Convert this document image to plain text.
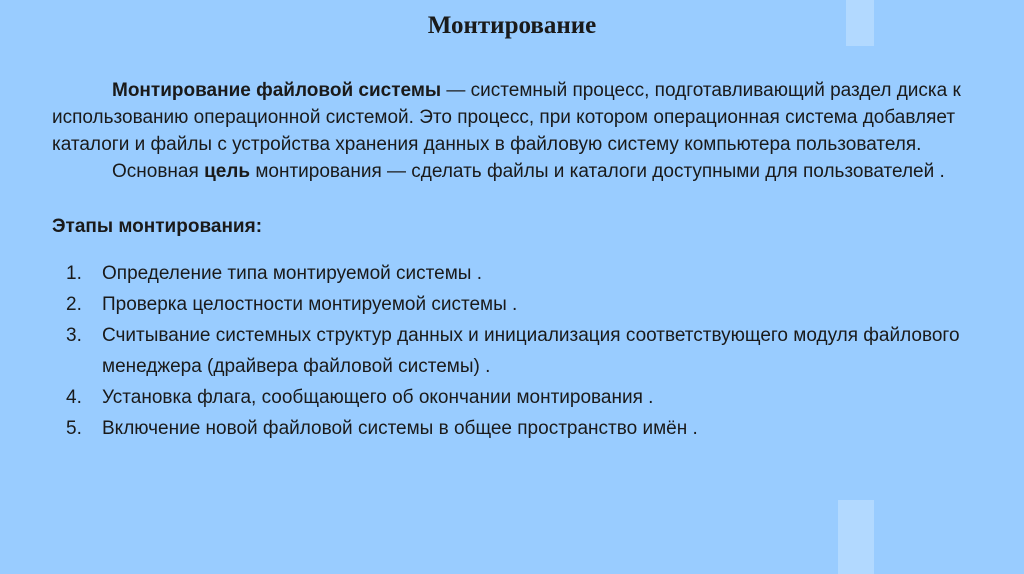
Монтирование

Монтирование файловой системы — системный процесс, подготавливающий раздел диска к использованию операционной системой. Это процесс, при котором операционная система добавляет каталоги и файлы с устройства хранения данных в файловую систему компьютера пользователя.

Основная цель монтирования — сделать файлы и каталоги доступными для пользователей .

Этапы монтирования:

1. Определение типа монтируемой системы .
2. Проверка целостности монтируемой системы .
3. Считывание системных структур данных и инициализация соответствующего модуля файлового менеджера (драйвера файловой системы) .
4. Установка флага, сообщающего об окончании монтирования .
5. Включение новой файловой системы в общее пространство имён .
